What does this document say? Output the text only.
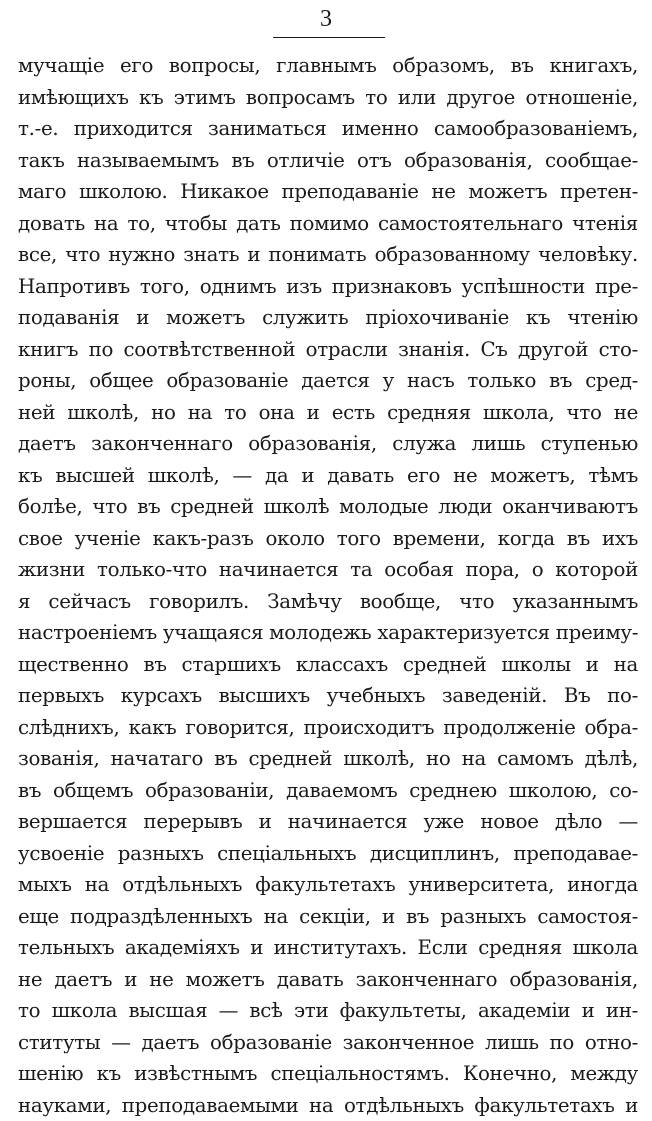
3
мучащіе его вопросы, главнымъ образомъ, въ книгахъ,
имѣющихъ къ этимъ вопросамъ то или другое отношеніе,
т.-е. приходится заниматься именно самообразованіемъ,
такъ называемымъ въ отличіе отъ образованія, сообщае-
маго школою. Никакое преподаваніе не можетъ претен-
довать на то, чтобы дать помимо самостоятельнаго чтенія
все, что нужно знать и понимать образованному человѣку.
Напротивъ того, однимъ изъ признаковъ успѣшности пре-
подаванія и можетъ служить пріохочиваніе къ чтенію
книгъ по соотвѣтственной отрасли знанія. Съ другой сто-
роны, общее образованіе дается у насъ только въ сред-
ней школѣ, но на то она и есть средняя школа, что не
даетъ законченнаго образованія, служа лишь ступенью
къ высшей школѣ, — да и давать его не можетъ, тѣмъ
болѣе, что въ средней школѣ молодые люди оканчиваютъ
свое ученіе какъ-разъ около того времени, когда въ ихъ
жизни только-что начинается та особая пора, о которой
я сейчасъ говорилъ. Замѣчу вообще, что указаннымъ
настроеніемъ учащаяся молодежь характеризуется преиму-
щественно въ старшихъ классахъ средней школы и на
первыхъ курсахъ высшихъ учебныхъ заведеній. Въ по-
слѣднихъ, какъ говорится, происходитъ продолженіе обра-
зованія, начатаго въ средней школѣ, но на самомъ дѣлѣ,
въ общемъ образованіи, даваемомъ среднею школою, со-
вершается перерывъ и начинается уже новое дѣло —
усвоеніе разныхъ спеціальныхъ дисциплинъ, преподавае-
мыхъ на отдѣльныхъ факультетахъ университета, иногда
еще подраздѣленныхъ на секціи, и въ разныхъ самостоя-
тельныхъ академіяхъ и институтахъ. Если средняя школа
не даетъ и не можетъ давать законченнаго образованія,
то школа высшая — всѣ эти факультеты, академіи и ин-
ституты — даетъ образованіе законченное лишь по отно-
шенію къ извѣстнымъ спеціальностямъ. Конечно, между
науками, преподаваемыми на отдѣльныхъ факультетахъ и
